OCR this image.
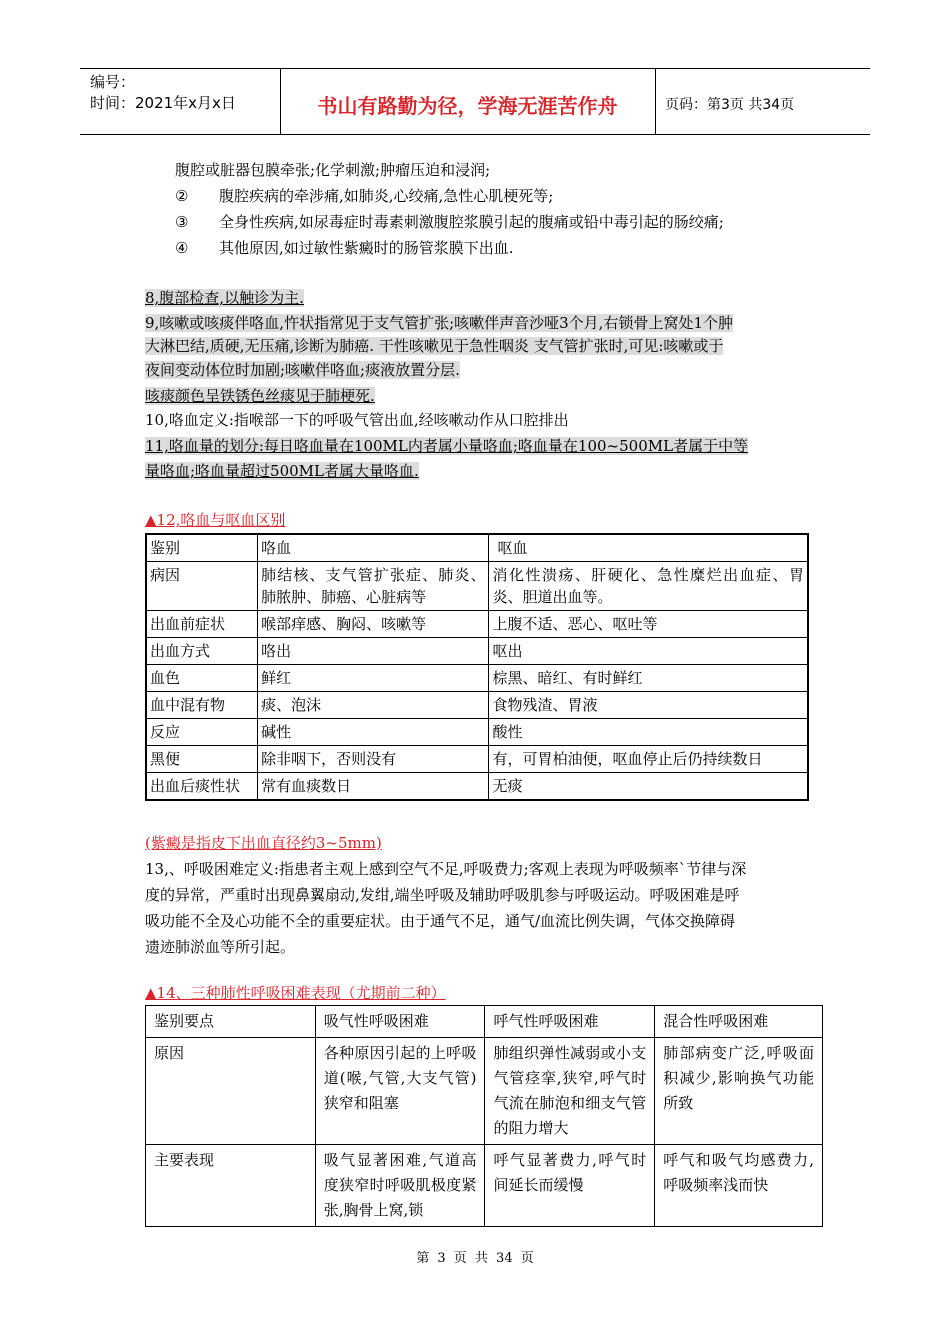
编号：
时间：2021年x月x日	书山有路勤为径，学海无涯苦作舟	页码：第3页 共34页
腹腔或脏器包膜牵张;化学刺激;肿瘤压迫和浸润;
② 腹腔疾病的牵涉痛,如肺炎,心绞痛,急性心肌梗死等;
③ 全身性疾病,如尿毒症时毒素刺激腹腔浆膜引起的腹痛或铅中毒引起的肠绞痛;
④ 其他原因,如过敏性紫癜时的肠管浆膜下出血.
8,腹部检查,以触诊为主.
9,咳嗽或咳痰伴咯血,忤状指常见于支气管扩张;咳嗽伴声音沙哑3个月,右锁骨上窝处1个肿
大淋巴结,质硬,无压痛,诊断为肺癌. 干性咳嗽见于急性咽炎 支气管扩张时,可见:咳嗽或于
夜间变动体位时加剧;咳嗽伴咯血;痰液放置分层.
咳痰颜色呈铁锈色丝痰见于肺梗死.
10,咯血定义:指喉部一下的呼吸气管出血,经咳嗽动作从口腔排出
11,咯血量的划分:每日咯血量在100ML内者属小量咯血;咯血量在100~500ML者属于中等
量咯血;咯血量超过500ML者属大量咯血.
▲12,咯血与呕血区别
鉴别	咯血	呕血
病因	肺结核、支气管扩张症、肺炎、肺脓肿、肺癌、心脏病等	消化性溃疡、肝硬化、急性糜烂出血症、胃炎、胆道出血等。
出血前症状	喉部痒感、胸闷、咳嗽等	上腹不适、恶心、呕吐等
出血方式	咯出	呕出
血色	鲜红	棕黑、暗红、有时鲜红
血中混有物	痰、泡沫	食物残渣、胃液
反应	碱性	酸性
黑便	除非咽下，否则没有	有，可胃柏油便，呕血停止后仍持续数日
出血后痰性状	常有血痰数日	无痰
(紫癜是指皮下出血直径约3~5mm)
13,、呼吸困难定义:指患者主观上感到空气不足,呼吸费力;客观上表现为呼吸频率`节律与深
度的异常，严重时出现鼻翼扇动,发绀,端坐呼吸及辅助呼吸肌参与呼吸运动。呼吸困难是呼
吸功能不全及心功能不全的重要症状。由于通气不足，通气/血流比例失调，气体交换障碍
遗迹肺淤血等所引起。
▲14、三种肺性呼吸困难表现（尤期前二种）
鉴别要点	吸气性呼吸困难	呼气性呼吸困难	混合性呼吸困难
原因	各种原因引起的上呼吸道(喉,气管,大支气管)狭窄和阻塞	肺组织弹性减弱或小支气管痉挛,狭窄,呼气时气流在肺泡和细支气管的阻力增大	肺部病变广泛,呼吸面积减少,影响换气功能所致
主要表现	吸气显著困难,气道高度狭窄时呼吸肌极度紧张,胸骨上窝,锁	呼气显著费力,呼气时间延长而缓慢	呼气和吸气均感费力,呼吸频率浅而快
第 3 页 共 34 页
